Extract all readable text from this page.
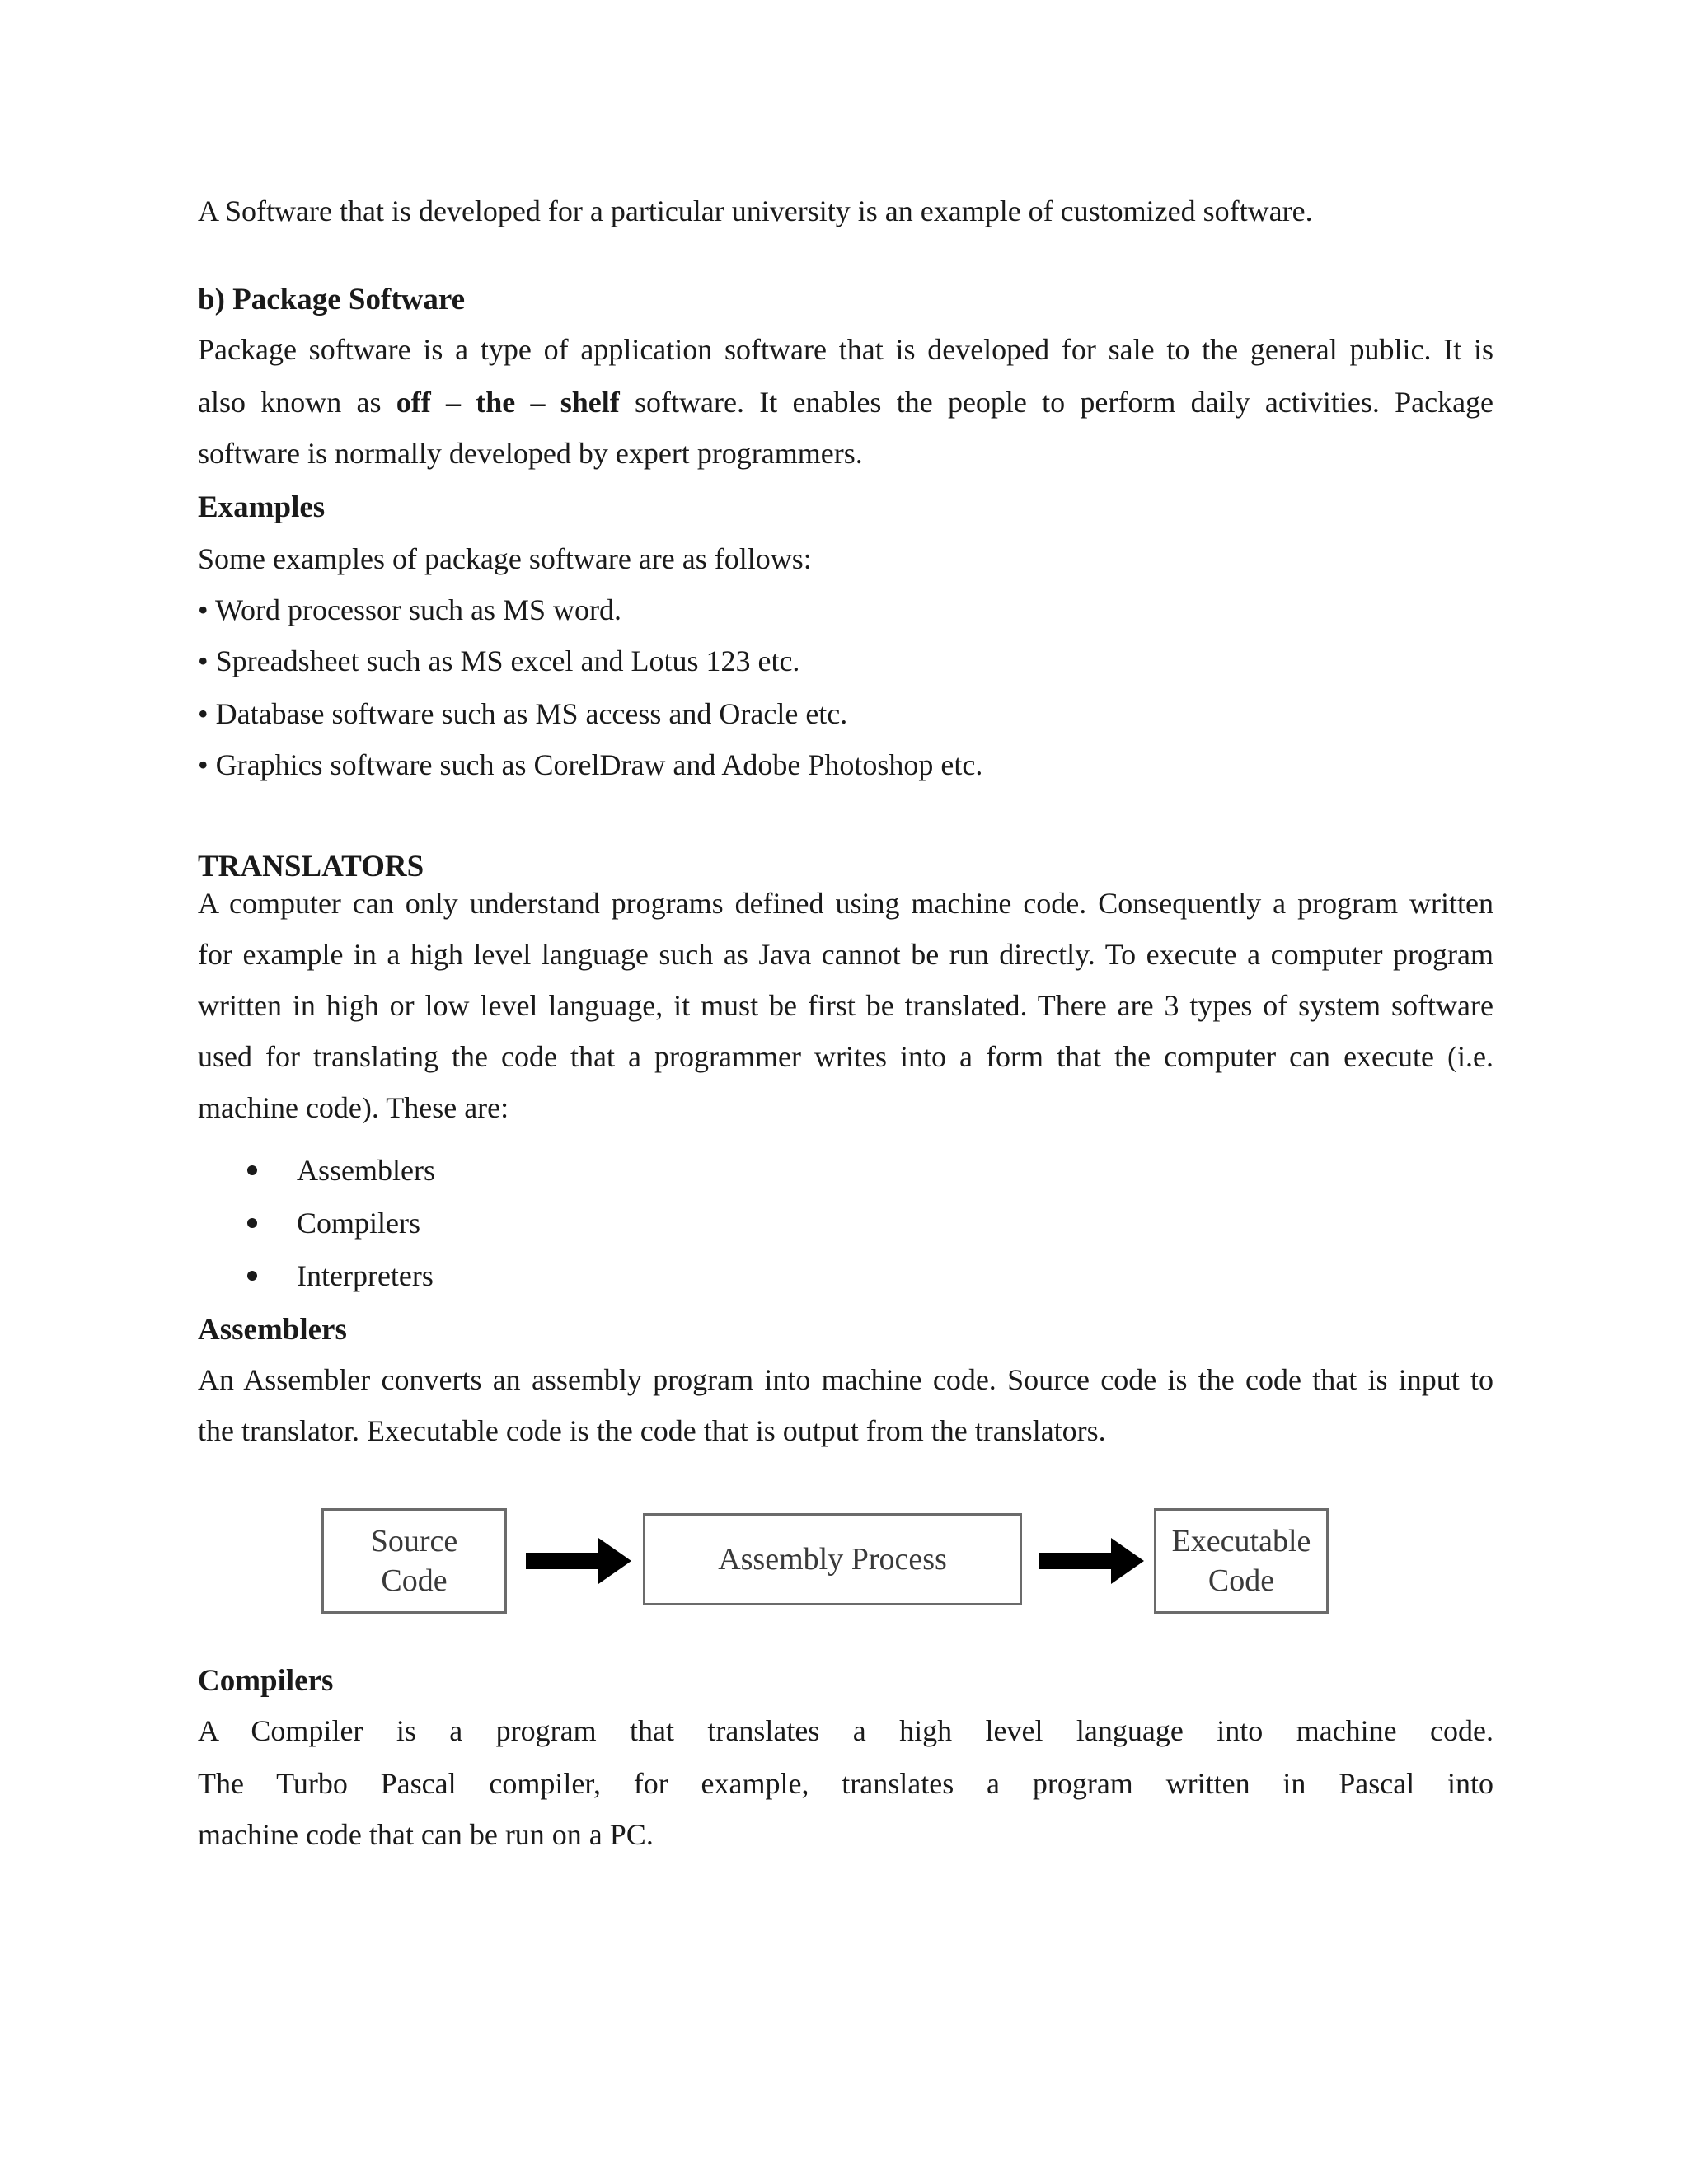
A Software that is developed for a particular university is an example of customized software.
b) Package Software
Package software is a type of application software that is developed for sale to the general public. It is
also known as off – the – shelf software. It enables the people to perform daily activities. Package
software is normally developed by expert programmers.
Examples
Some examples of package software are as follows:
• Word processor such as MS word.
• Spreadsheet such as MS excel and Lotus 123 etc.
• Database software such as MS access and Oracle etc.
• Graphics software such as CorelDraw and Adobe Photoshop etc.
TRANSLATORS
A computer can only understand programs defined using machine code. Consequently a program written
for example in a high level language such as Java cannot be run directly. To execute a computer program
written in high or low level language, it must be first be translated. There are 3 types of system software
used for translating the code that a programmer writes into a form that the computer can execute (i.e.
machine code). These are:
Assemblers
Compilers
Interpreters
Assemblers
An Assembler converts an assembly program into machine code. Source code is the code that is input to
the translator. Executable code is the code that is output from the translators.
Source
Code
Assembly Process
Executable
Code
Compilers
A Compiler is a program that translates a high level language into machine code.
The Turbo Pascal compiler, for example, translates a program written in Pascal into
machine code that can be run on a PC.
